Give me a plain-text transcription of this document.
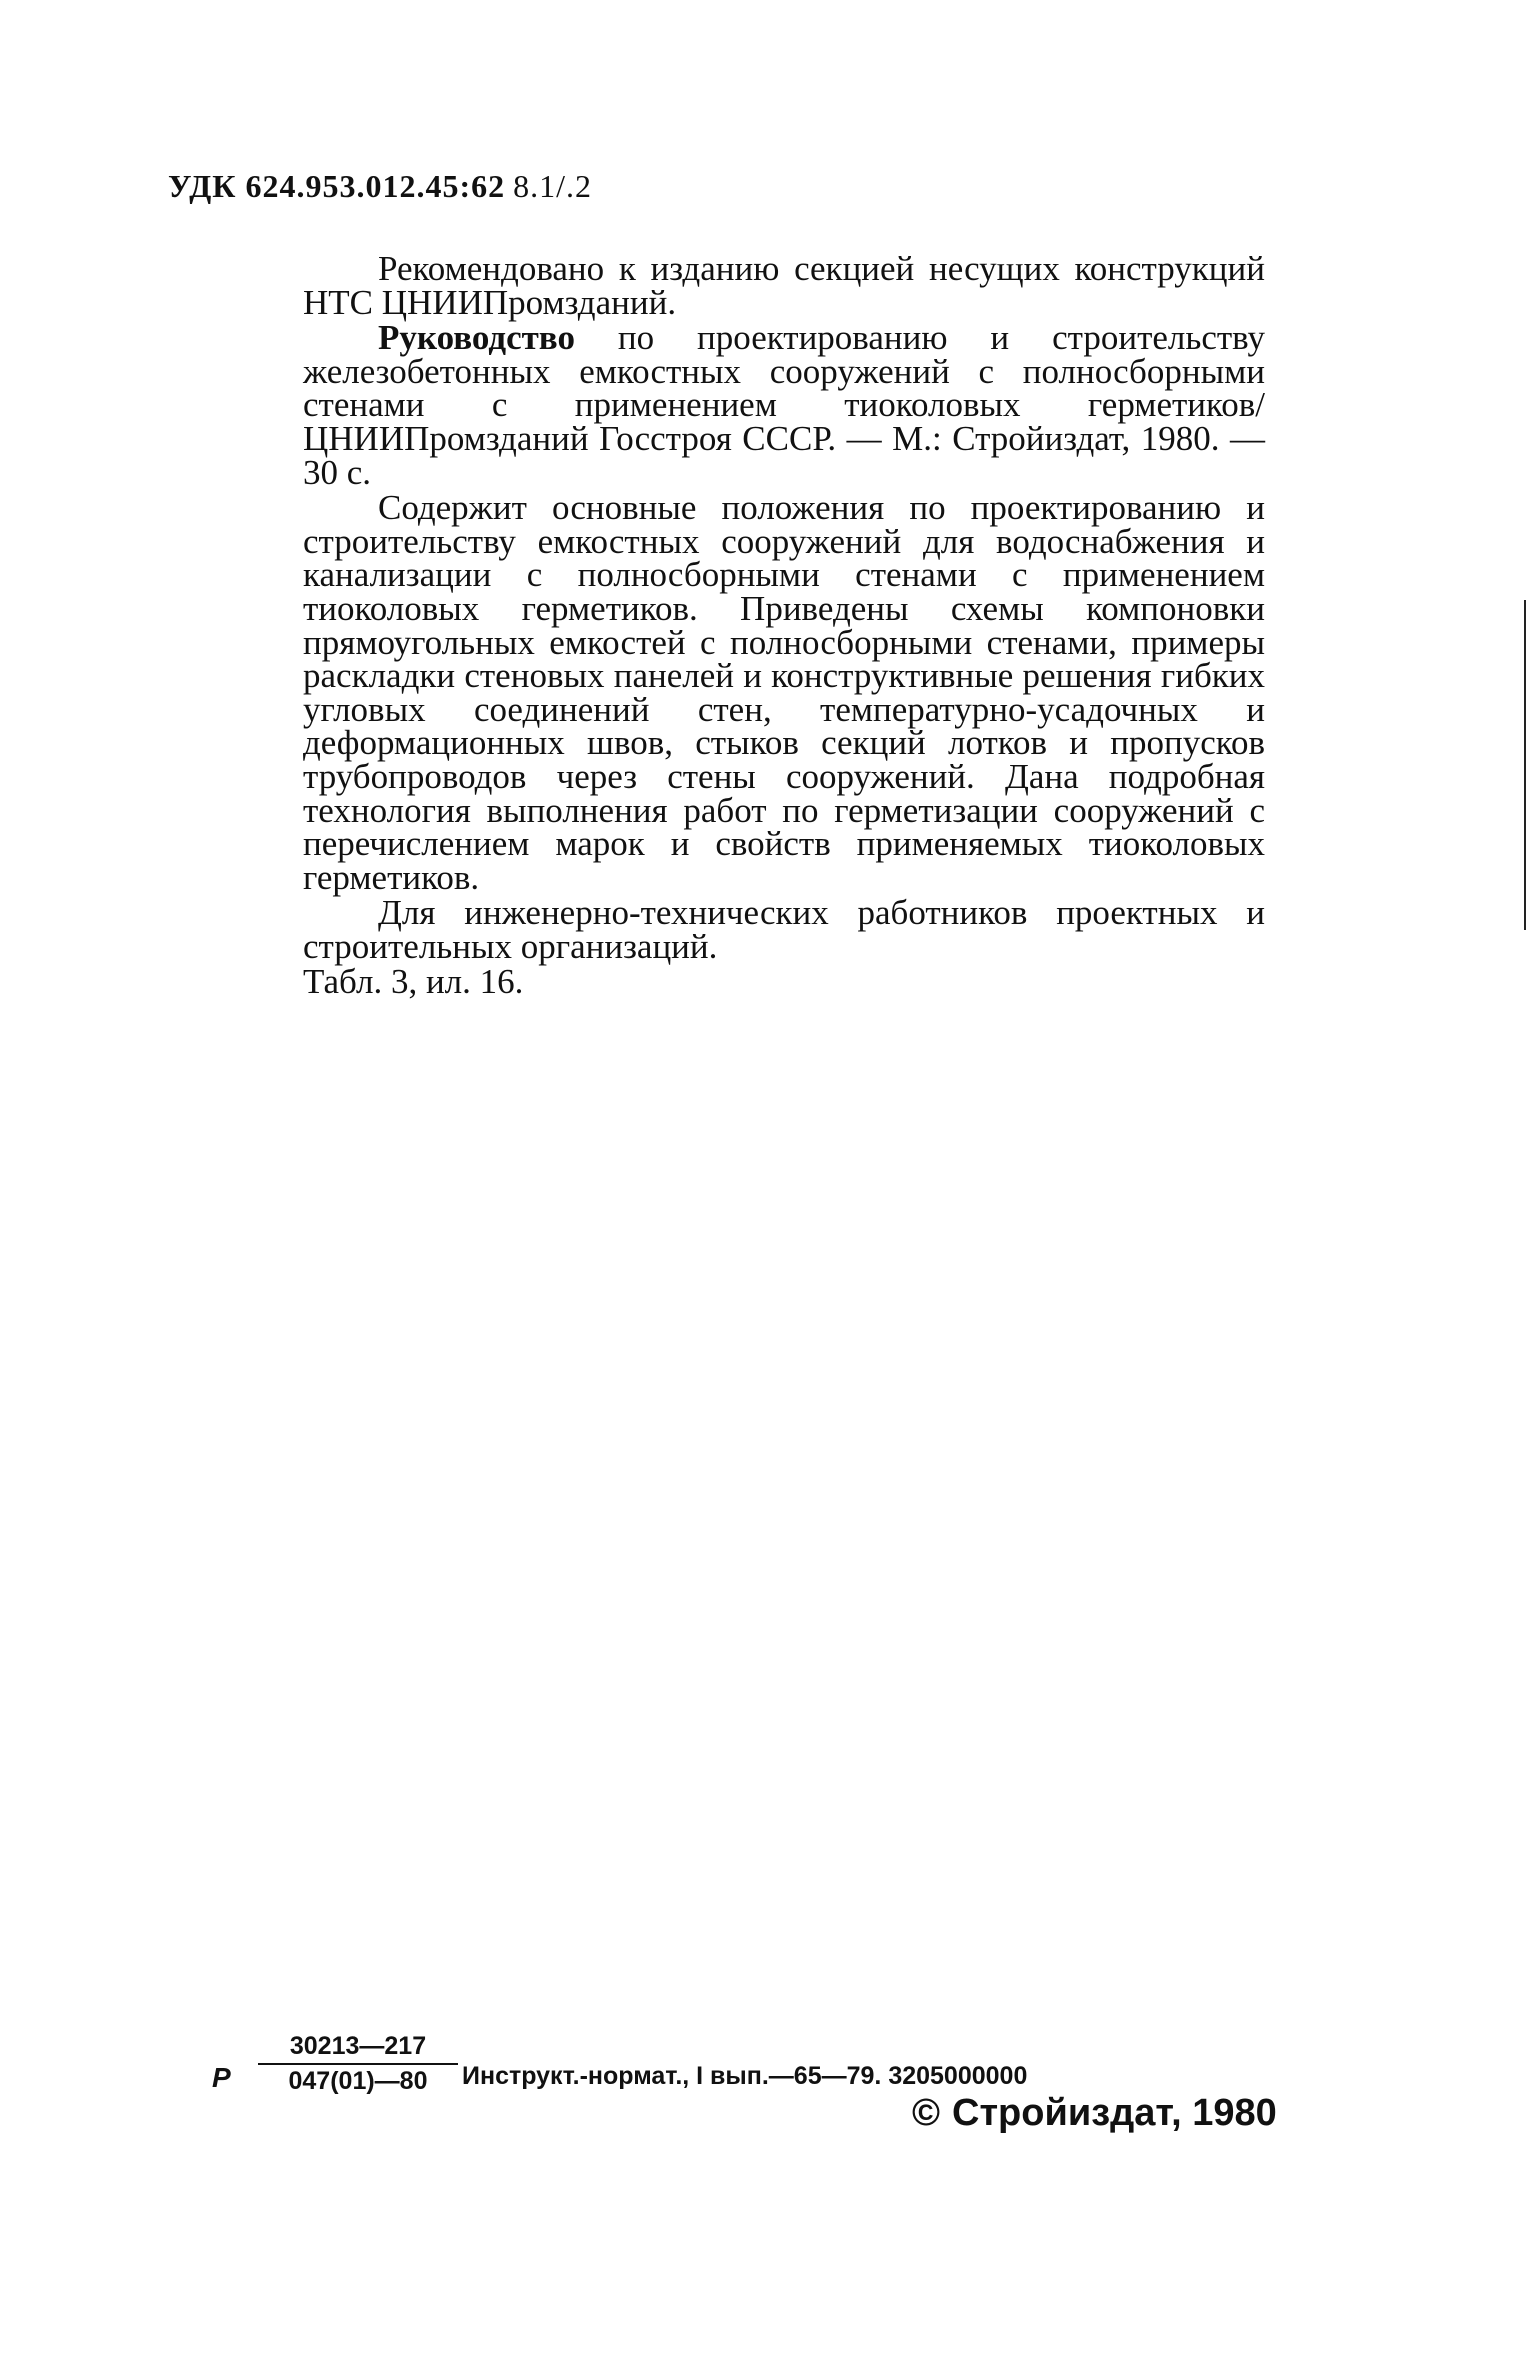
УДК 624.953.012.45:62 8.1/.2

Рекомендовано к изданию секцией несущих конструкций НТС ЦНИИПромзданий.

Руководство по проектированию и строительству железобетонных емкостных сооружений с полносборными стенами с применением тиоколовых герметиков/ ЦНИИПромзданий Госстроя СССР. — М.: Стройиздат, 1980. — 30 с.

Содержит основные положения по проектированию и строительству емкостных сооружений для водоснабжения и канализации с полносборными стенами с применением тиоколовых герметиков. Приведены схемы компоновки прямоугольных емкостей с полносборными стенами, примеры раскладки стеновых панелей и конструктивные решения гибких угловых соединений стен, температурно-усадочных и деформационных швов, стыков секций лотков и пропусков трубопроводов через стены сооружений. Дана подробная технология выполнения работ по герметизации сооружений с перечислением марок и свойств применяемых тиоколовых герметиков.

Для инженерно-технических работников проектных и строительных организаций.

Табл. 3, ил. 16.

Р $\frac{30213—217}{047(01)—80}$ Инструкт.-нормат., I вып.—65—79. 3205000000
© Стройиздат, 1980
